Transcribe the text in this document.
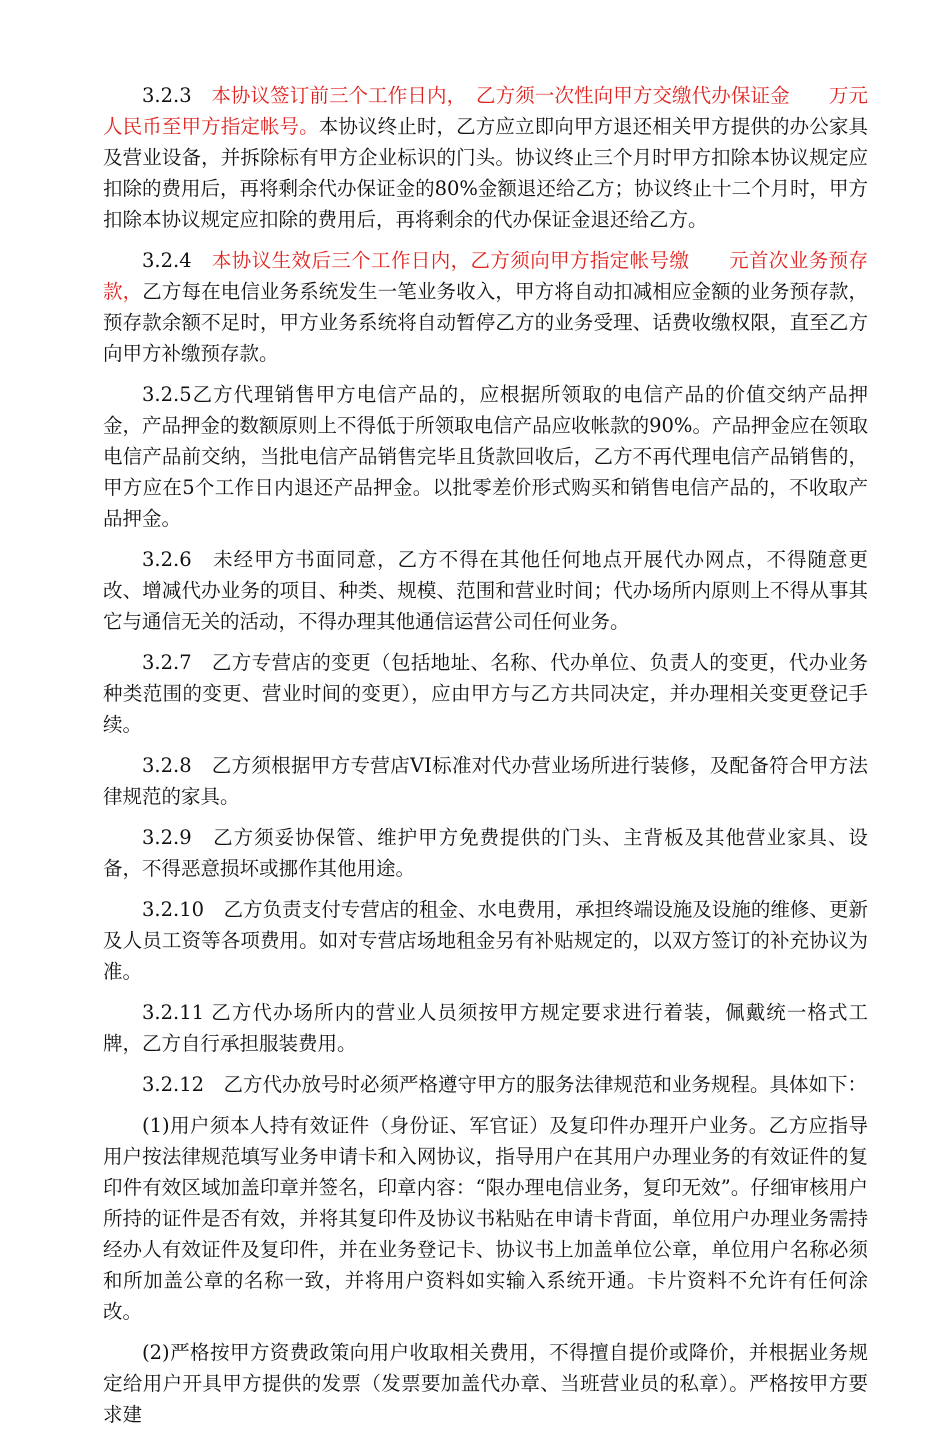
3.2.3　本协议签订前三个工作日内，　乙方须一次性向甲方交缴代办保证金　　万元人民币至甲方指定帐号。本协议终止时，乙方应立即向甲方退还相关甲方提供的办公家具及营业设备，并拆除标有甲方企业标识的门头。协议终止三个月时甲方扣除本协议规定应扣除的费用后，再将剩余代办保证金的80%金额退还给乙方；协议终止十二个月时，甲方扣除本协议规定应扣除的费用后，再将剩余的代办保证金退还给乙方。

3.2.4　本协议生效后三个工作日内，乙方须向甲方指定帐号缴　　元首次业务预存款，乙方每在电信业务系统发生一笔业务收入，甲方将自动扣减相应金额的业务预存款，预存款余额不足时，甲方业务系统将自动暂停乙方的业务受理、话费收缴权限，直至乙方向甲方补缴预存款。

3.2.5乙方代理销售甲方电信产品的，应根据所领取的电信产品的价值交纳产品押金，产品押金的数额原则上不得低于所领取电信产品应收帐款的90%。产品押金应在领取电信产品前交纳，当批电信产品销售完毕且货款回收后，乙方不再代理电信产品销售的，甲方应在5个工作日内退还产品押金。以批零差价形式购买和销售电信产品的，不收取产品押金。

3.2.6　未经甲方书面同意，乙方不得在其他任何地点开展代办网点，不得随意更改、增减代办业务的项目、种类、规模、范围和营业时间；代办场所内原则上不得从事其它与通信无关的活动，不得办理其他通信运营公司任何业务。

3.2.7　乙方专营店的变更（包括地址、名称、代办单位、负责人的变更，代办业务种类范围的变更、营业时间的变更），应由甲方与乙方共同决定，并办理相关变更登记手续。

3.2.8　乙方须根据甲方专营店VI标准对代办营业场所进行装修，及配备符合甲方法律规范的家具。

3.2.9　乙方须妥协保管、维护甲方免费提供的门头、主背板及其他营业家具、设备，不得恶意损坏或挪作其他用途。

3.2.10　乙方负责支付专营店的租金、水电费用，承担终端设施及设施的维修、更新及人员工资等各项费用。如对专营店场地租金另有补贴规定的，以双方签订的补充协议为准。

3.2.11 乙方代办场所内的营业人员须按甲方规定要求进行着装，佩戴统一格式工牌，乙方自行承担服装费用。

3.2.12　乙方代办放号时必须严格遵守甲方的服务法律规范和业务规程。具体如下：

(1)用户须本人持有效证件（身份证、军官证）及复印件办理开户业务。乙方应指导用户按法律规范填写业务申请卡和入网协议，指导用户在其用户办理业务的有效证件的复印件有效区域加盖印章并签名，印章内容：“限办理电信业务，复印无效”。仔细审核用户所持的证件是否有效，并将其复印件及协议书粘贴在申请卡背面，单位用户办理业务需持经办人有效证件及复印件，并在业务登记卡、协议书上加盖单位公章，单位用户名称必须和所加盖公章的名称一致，并将用户资料如实输入系统开通。卡片资料不允许有任何涂改。

(2)严格按甲方资费政策向用户收取相关费用，不得擅自提价或降价，并根据业务规定给用户开具甲方提供的发票（发票要加盖代办章、当班营业员的私章）。严格按甲方要求建
